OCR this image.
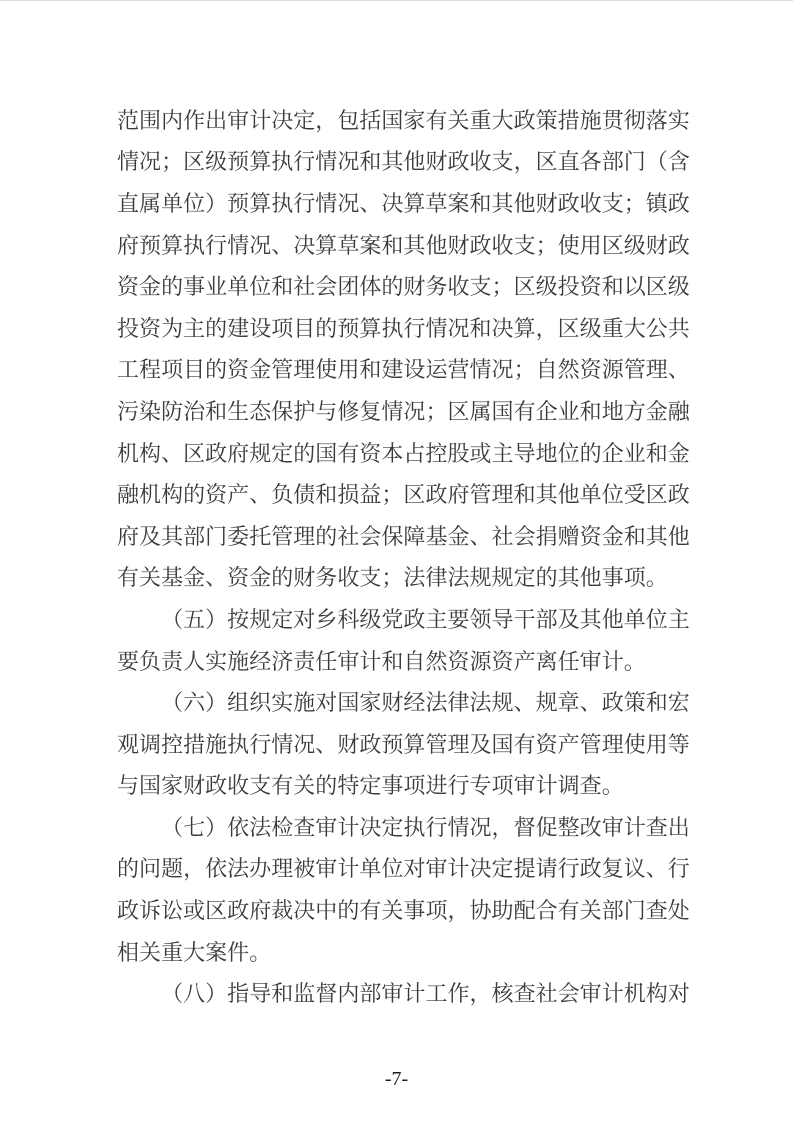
范 围 内 作 出 审 计 决 定 ， 包 括 国 家 有 关 重 大 政 策 措 施 贯 彻 落 实
情 况 ； 区 级 预 算 执 行 情 况 和 其 他 财 政 收 支 ， 区 直 各 部 门 （ 含
直 属 单 位 ） 预 算 执 行 情 况 、 决 算 草 案 和 其 他 财 政 收 支 ； 镇 政
府 预 算 执 行 情 况 、 决 算 草 案 和 其 他 财 政 收 支 ； 使 用 区 级 财 政
资 金 的 事 业 单 位 和 社 会 团 体 的 财 务 收 支 ； 区 级 投 资 和 以 区 级
投 资 为 主 的 建 设 项 目 的 预 算 执 行 情 况 和 决 算 ， 区 级 重 大 公 共
工 程 项 目 的 资 金 管 理 使 用 和 建 设 运 营 情 况 ； 自 然 资 源 管 理 、
污 染 防 治 和 生 态 保 护 与 修 复 情 况 ； 区 属 国 有 企 业 和 地 方 金 融
机 构 、 区 政 府 规 定 的 国 有 资 本 占 控 股 或 主 导 地 位 的 企 业 和 金
融 机 构 的 资 产 、 负 债 和 损 益 ； 区 政 府 管 理 和 其 他 单 位 受 区 政
府 及 其 部 门 委 托 管 理 的 社 会 保 障 基 金 、 社 会 捐 赠 资 金 和 其 他
有 关 基 金 、 资 金 的 财 务 收 支 ； 法 律 法 规 规 定 的 其 他 事 项 。
（ 五 ） 按 规 定 对 乡 科 级 党 政 主 要 领 导 干 部 及 其 他 单 位 主
要 负 责 人 实 施 经 济 责 任 审 计 和 自 然 资 源 资 产 离 任 审 计 。
（ 六 ） 组 织 实 施 对 国 家 财 经 法 律 法 规 、 规 章 、 政 策 和 宏
观 调 控 措 施 执 行 情 况 、 财 政 预 算 管 理 及 国 有 资 产 管 理 使 用 等
与 国 家 财 政 收 支 有 关 的 特 定 事 项 进 行 专 项 审 计 调 查 。
（ 七 ） 依 法 检 查 审 计 决 定 执 行 情 况 ， 督 促 整 改 审 计 查 出
的 问 题 ， 依 法 办 理 被 审 计 单 位 对 审 计 决 定 提 请 行 政 复 议 、 行
政 诉 讼 或 区 政 府 裁 决 中 的 有 关 事 项 ， 协 助 配 合 有 关 部 门 查 处
相 关 重 大 案 件 。
（ 八 ） 指 导 和 监 督 内 部 审 计 工 作 ， 核 查 社 会 审 计 机 构 对
-7-
